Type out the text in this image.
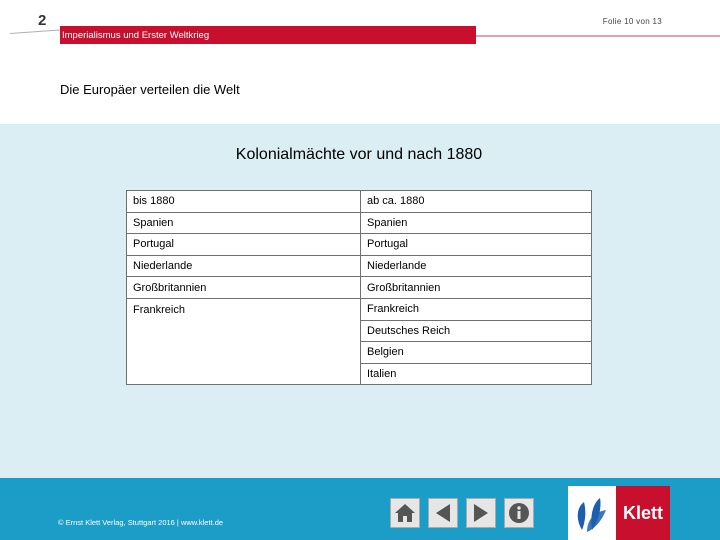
2	Folie 10 von 13
Imperialismus und Erster Weltkrieg
Die Europäer verteilen die Welt
Kolonialmächte vor und nach 1880
bis 1880	ab ca. 1880
Spanien	Spanien
Portugal	Portugal
Niederlande	Niederlande
Großbritannien	Großbritannien
Frankreich	Frankreich
	Deutsches Reich
	Belgien
	Italien
© Ernst Klett Verlag, Stuttgart 2016 | www.klett.de	Klett
